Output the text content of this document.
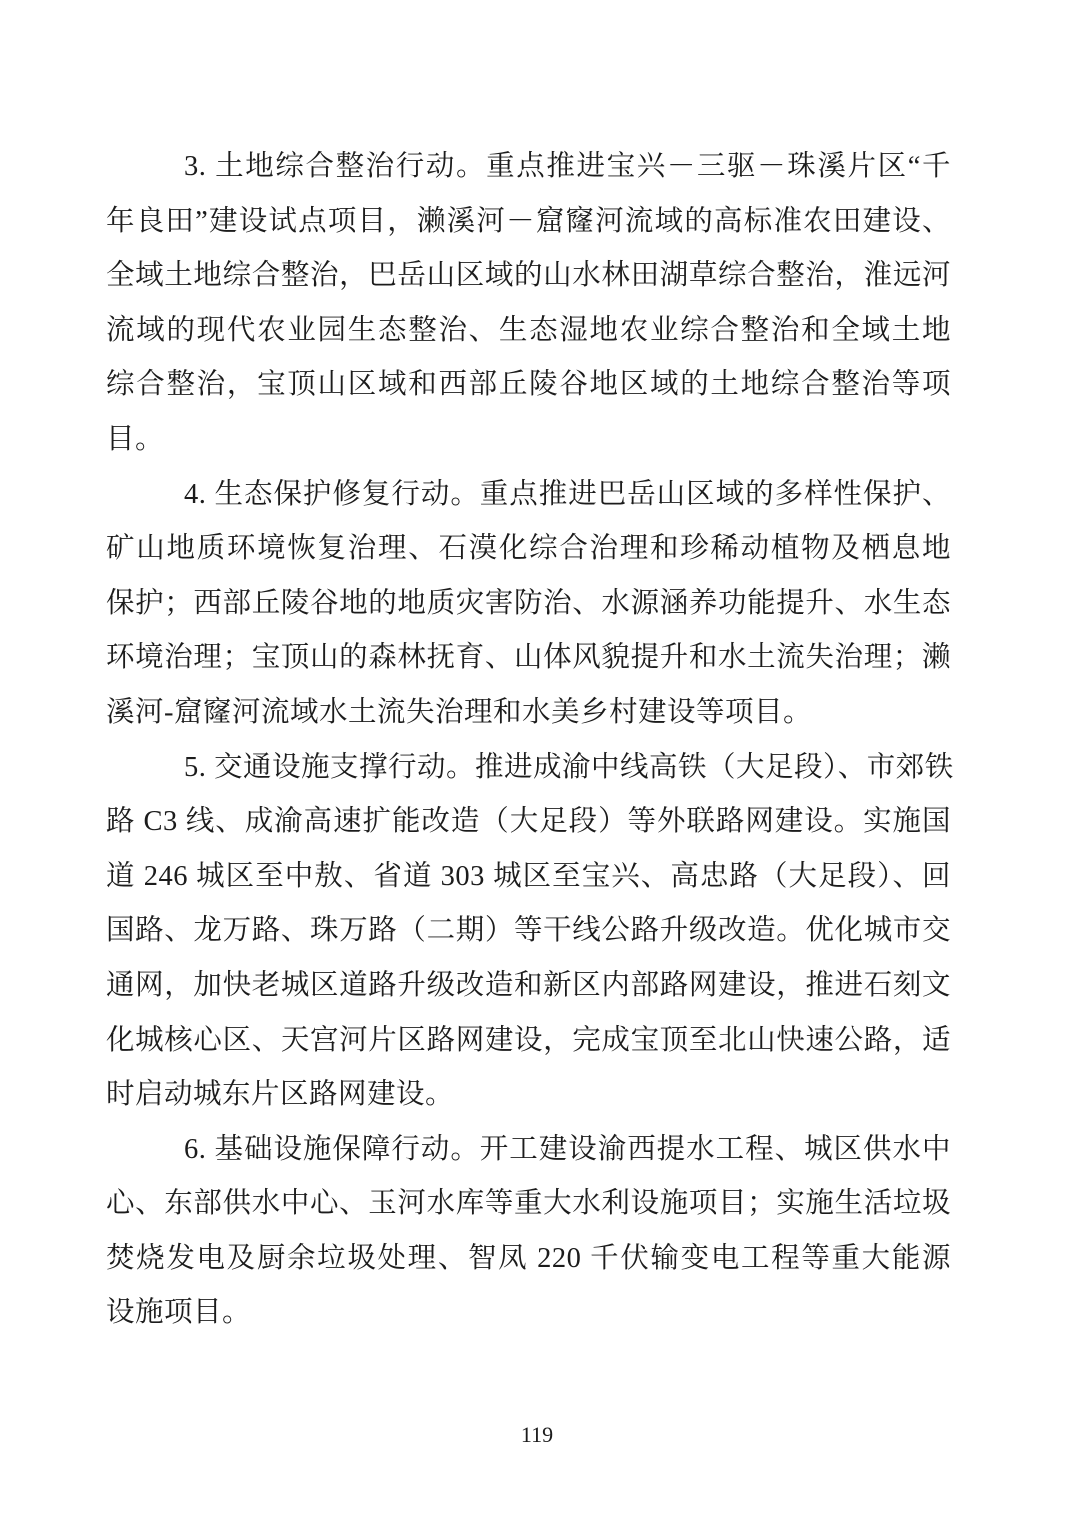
3. 土地综合整治行动。重点推进宝兴－三驱－珠溪片区“千
年良田”建设试点项目，濑溪河－窟窿河流域的高标准农田建设、
全域土地综合整治，巴岳山区域的山水林田湖草综合整治，淮远河
流域的现代农业园生态整治、生态湿地农业综合整治和全域土地
综合整治，宝顶山区域和西部丘陵谷地区域的土地综合整治等项
目。
4. 生态保护修复行动。重点推进巴岳山区域的多样性保护、
矿山地质环境恢复治理、石漠化综合治理和珍稀动植物及栖息地
保护；西部丘陵谷地的地质灾害防治、水源涵养功能提升、水生态
环境治理；宝顶山的森林抚育、山体风貌提升和水土流失治理；濑
溪河-窟窿河流域水土流失治理和水美乡村建设等项目。
5. 交通设施支撑行动。推进成渝中线高铁（大足段）、市郊铁
路 C3 线、成渝高速扩能改造（大足段）等外联路网建设。实施国
道 246 城区至中敖、省道 303 城区至宝兴、高忠路（大足段）、回
国路、龙万路、珠万路（二期）等干线公路升级改造。优化城市交
通网，加快老城区道路升级改造和新区内部路网建设，推进石刻文
化城核心区、天宫河片区路网建设，完成宝顶至北山快速公路，适
时启动城东片区路网建设。
6. 基础设施保障行动。开工建设渝西提水工程、城区供水中
心、东部供水中心、玉河水库等重大水利设施项目；实施生活垃圾
焚烧发电及厨余垃圾处理、智凤 220 千伏输变电工程等重大能源
设施项目。
119
